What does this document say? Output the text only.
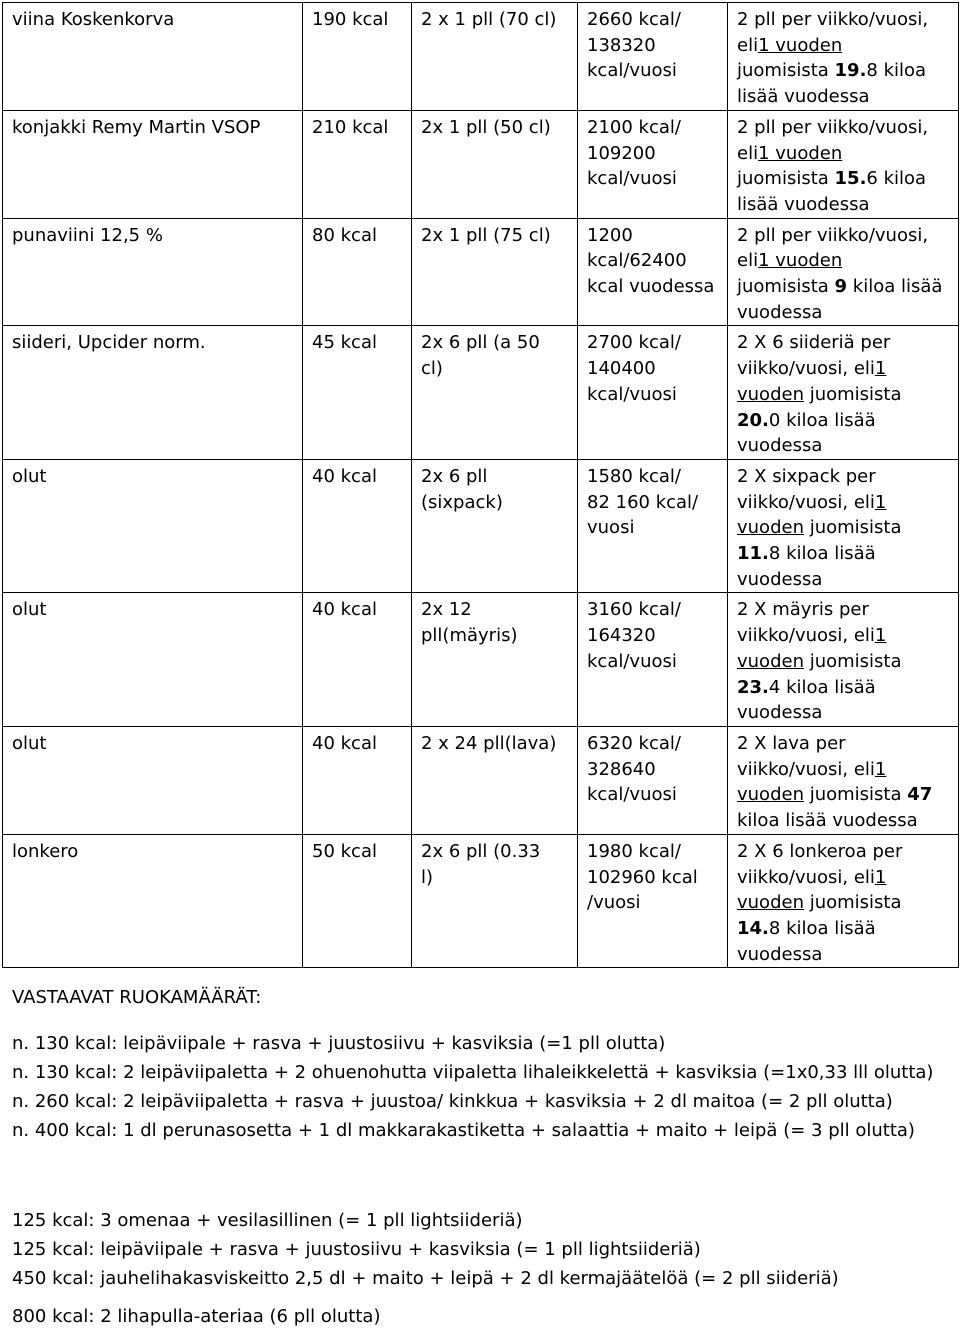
viina Koskenkorva	190 kcal	2 x 1 pll (70 cl)	2660 kcal/
138320
kcal/vuosi	2 pll per viikko/vuosi,
eli1 vuoden
juomisista 19.8 kiloa
lisää vuodessa

konjakki Remy Martin VSOP	210 kcal	2x 1 pll (50 cl)	2100 kcal/
109200
kcal/vuosi	2 pll per viikko/vuosi,
eli1 vuoden
juomisista 15.6 kiloa
lisää vuodessa

punaviini 12,5 %	80 kcal	2x 1 pll (75 cl)	1200
kcal/62400
kcal vuodessa	2 pll per viikko/vuosi,
eli1 vuoden
juomisista 9 kiloa lisää
vuodessa

siideri, Upcider norm.	45 kcal	2x 6 pll (a 50
cl)	2700 kcal/
140400
kcal/vuosi	2 X 6 siideriä per
viikko/vuosi, eli1
vuoden juomisista
20.0 kiloa lisää
vuodessa

olut	40 kcal	2x 6 pll
(sixpack)	1580 kcal/
82 160 kcal/
vuosi	2 X sixpack per
viikko/vuosi, eli1
vuoden juomisista
11.8 kiloa lisää
vuodessa

olut	40 kcal	2x 12
pll(mäyris)	3160 kcal/
164320
kcal/vuosi	2 X mäyris per
viikko/vuosi, eli1
vuoden juomisista
23.4 kiloa lisää
vuodessa

olut	40 kcal	2 x 24 pll(lava)	6320 kcal/
328640
kcal/vuosi	2 X lava per
viikko/vuosi, eli1
vuoden juomisista 47
kiloa lisää vuodessa

lonkero	50 kcal	2x 6 pll (0.33
l)	1980 kcal/
102960 kcal
/vuosi	2 X 6 lonkeroa per
viikko/vuosi, eli1
vuoden juomisista
14.8 kiloa lisää
vuodessa
VASTAAVAT RUOKAMÄÄRÄT:

n. 130 kcal: leipäviipale + rasva + juustosiivu + kasviksia (=1 pll olutta)

n. 130 kcal: 2 leipäviipaletta + 2 ohuenohutta viipaletta lihaleikkelettä + kasviksia (=1x0,33 lll olutta)

n. 260 kcal: 2 leipäviipaletta + rasva + juustoa/ kinkkua + kasviksia + 2 dl maitoa (= 2 pll olutta)

n. 400 kcal: 1 dl perunasosetta + 1 dl makkarakastiketta + salaattia + maito + leipä (= 3 pll olutta)

125 kcal: 3 omenaa + vesilasillinen (= 1 pll lightsiideriä)

125 kcal: leipäviipale + rasva + juustosiivu + kasviksia (= 1 pll lightsiideriä)

450 kcal: jauhelihakasviskeitto 2,5 dl + maito + leipä + 2 dl kermajäätelöä (= 2 pll siideriä)

800 kcal: 2 lihapulla-ateriaa (6 pll olutta)
